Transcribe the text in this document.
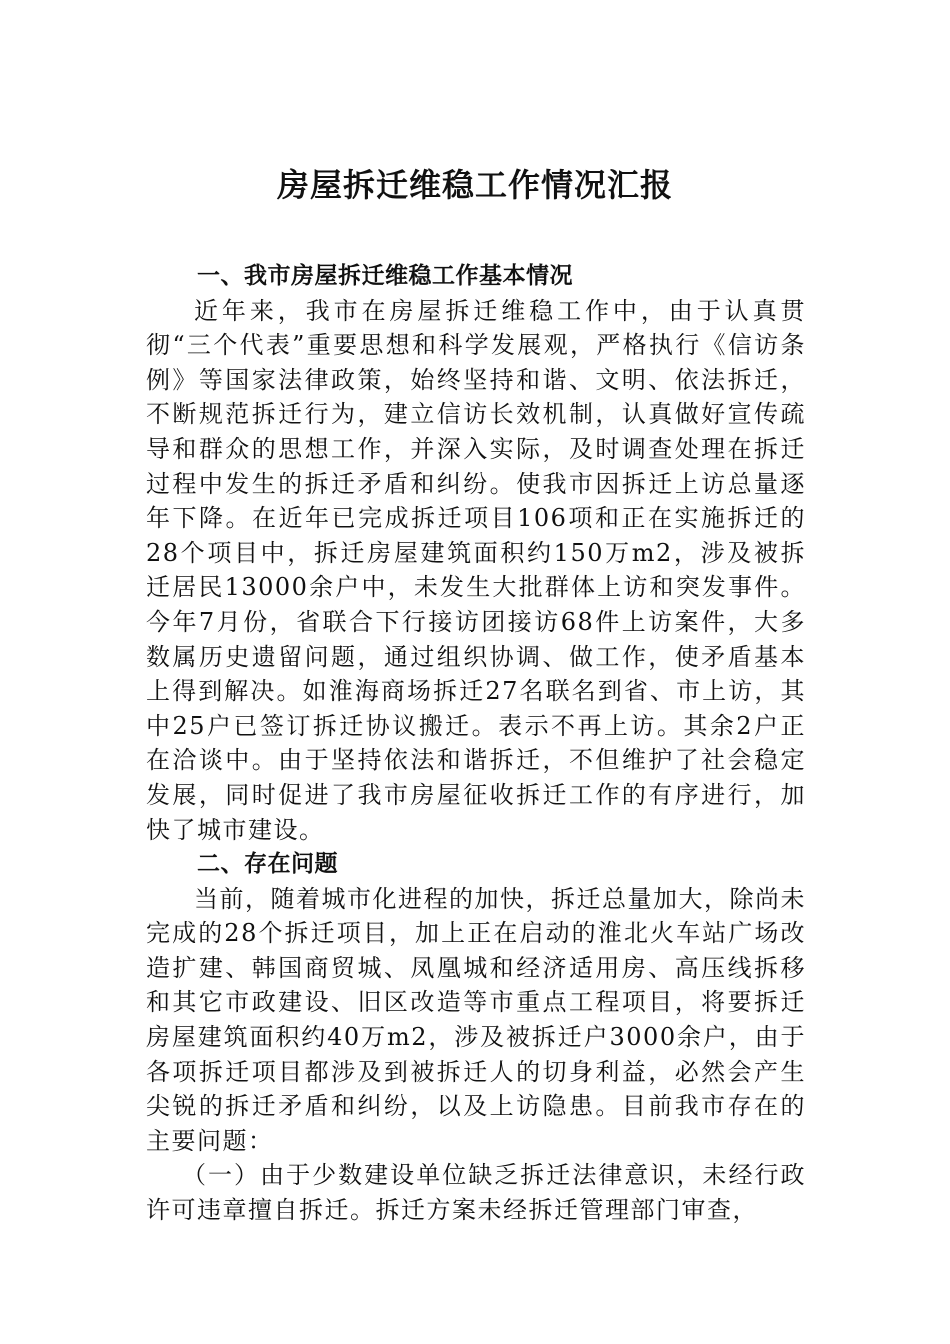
房屋拆迁维稳工作情况汇报

一、我市房屋拆迁维稳工作基本情况

近年来，我市在房屋拆迁维稳工作中，由于认真贯彻“三个代表”重要思想和科学发展观，严格执行《信访条例》等国家法律政策，始终坚持和谐、文明、依法拆迁，不断规范拆迁行为，建立信访长效机制，认真做好宣传疏导和群众的思想工作，并深入实际，及时调查处理在拆迁过程中发生的拆迁矛盾和纠纷。使我市因拆迁上访总量逐年下降。在近年已完成拆迁项目106项和正在实施拆迁的28个项目中，拆迁房屋建筑面积约150万m2，涉及被拆迁居民13000余户中，未发生大批群体上访和突发事件。今年7月份，省联合下行接访团接访68件上访案件，大多数属历史遗留问题，通过组织协调、做工作，使矛盾基本上得到解决。如淮海商场拆迁27名联名到省、市上访，其中25户已签订拆迁协议搬迁。表示不再上访。其余2户正在洽谈中。由于坚持依法和谐拆迁，不但维护了社会稳定发展，同时促进了我市房屋征收拆迁工作的有序进行，加快了城市建设。

二、存在问题

当前，随着城市化进程的加快，拆迁总量加大，除尚未完成的28个拆迁项目，加上正在启动的淮北火车站广场改造扩建、韩国商贸城、凤凰城和经济适用房、高压线拆移和其它市政建设、旧区改造等市重点工程项目，将要拆迁房屋建筑面积约40万m2，涉及被拆迁户3000余户，由于各项拆迁项目都涉及到被拆迁人的切身利益，必然会产生尖锐的拆迁矛盾和纠纷，以及上访隐患。目前我市存在的主要问题：

（一）由于少数建设单位缺乏拆迁法律意识，未经行政许可违章擅自拆迁。拆迁方案未经拆迁管理部门审查，
